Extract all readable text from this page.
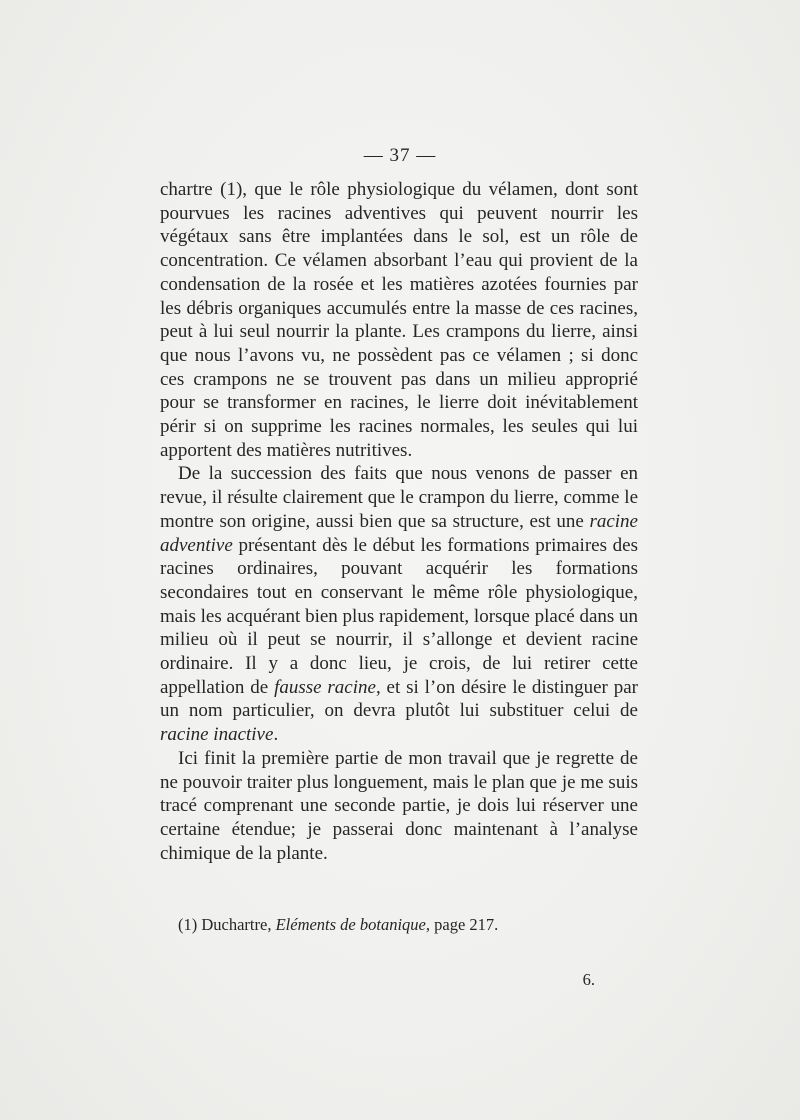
— 37 —

chartre (1), que le rôle physiologique du vélamen, dont sont pourvues les racines adventives qui peuvent nourrir les végétaux sans être implantées dans le sol, est un rôle de concentration. Ce vélamen absorbant l’eau qui provient de la condensation de la rosée et les matières azotées fournies par les débris organiques accumulés entre la masse de ces racines, peut à lui seul nourrir la plante. Les crampons du lierre, ainsi que nous l’avons vu, ne possèdent pas ce vélamen ; si donc ces crampons ne se trouvent pas dans un milieu approprié pour se transformer en racines, le lierre doit inévitablement périr si on supprime les racines normales, les seules qui lui apportent des matières nutritives.

De la succession des faits que nous venons de passer en revue, il résulte clairement que le crampon du lierre, comme le montre son origine, aussi bien que sa structure, est une racine adventive présentant dès le début les formations primaires des racines ordinaires, pouvant acquérir les formations secondaires tout en conservant le même rôle physiologique, mais les acquérant bien plus rapidement, lorsque placé dans un milieu où il peut se nourrir, il s’allonge et devient racine ordinaire. Il y a donc lieu, je crois, de lui retirer cette appellation de fausse racine, et si l’on désire le distinguer par un nom particulier, on devra plutôt lui substituer celui de racine inactive.

Ici finit la première partie de mon travail que je regrette de ne pouvoir traiter plus longuement, mais le plan que je me suis tracé comprenant une seconde partie, je dois lui réserver une certaine étendue; je passerai donc maintenant à l’analyse chimique de la plante.

(1) Duchartre, Eléments de botanique, page 217.
6.
